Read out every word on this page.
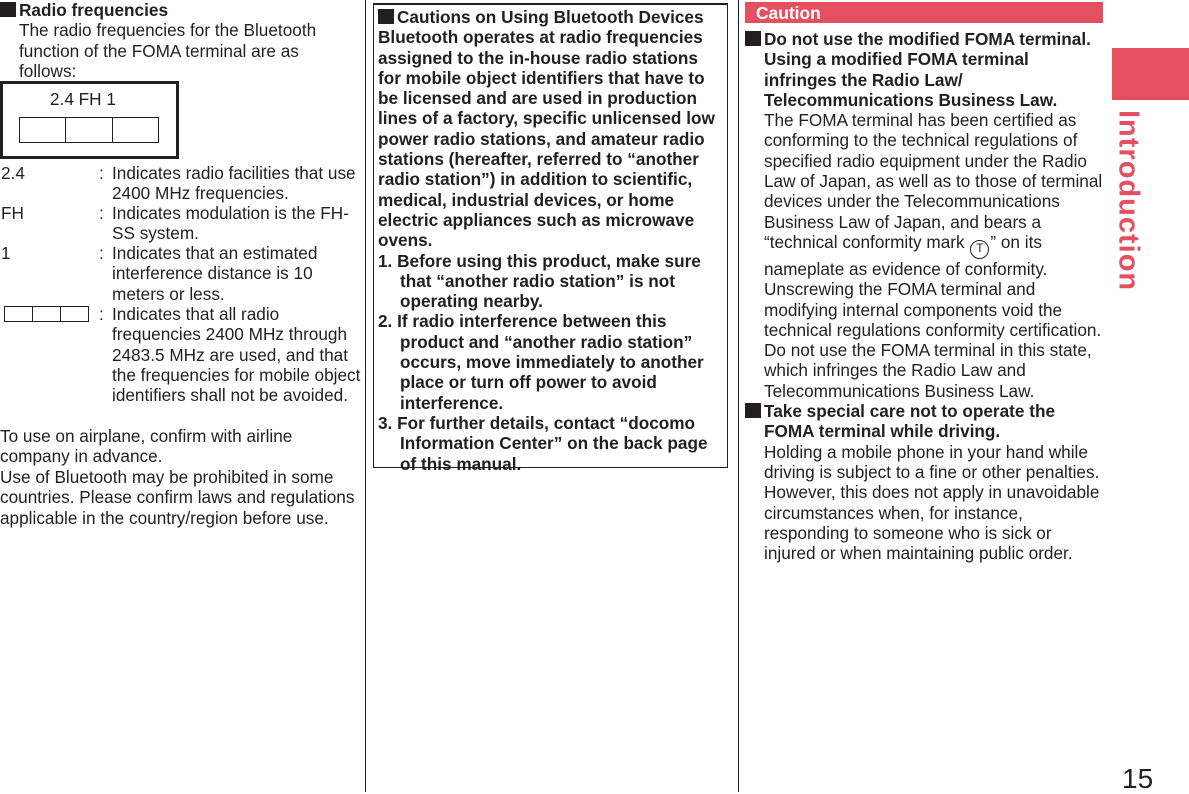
Radio frequencies
The radio frequencies for the Bluetooth function of the FOMA terminal are as follows:
2.4 FH 1
2.4	: Indicates radio facilities that use 2400 MHz frequencies.
FH	: Indicates modulation is the FH-SS system.
1	: Indicates that an estimated interference distance is 10 meters or less.
: Indicates that all radio frequencies 2400 MHz through 2483.5 MHz are used, and that the frequencies for mobile object identifiers shall not be avoided.
To use on airplane, confirm with airline company in advance.
Use of Bluetooth may be prohibited in some countries. Please confirm laws and regulations applicable in the country/region before use.
Cautions on Using Bluetooth Devices
Bluetooth operates at radio frequencies assigned to the in-house radio stations for mobile object identifiers that have to be licensed and are used in production lines of a factory, specific unlicensed low power radio stations, and amateur radio stations (hereafter, referred to “another radio station”) in addition to scientific, medical, industrial devices, or home electric appliances such as microwave ovens.
1. Before using this product, make sure that “another radio station” is not operating nearby.
2. If radio interference between this product and “another radio station” occurs, move immediately to another place or turn off power to avoid interference.
3. For further details, contact “docomo Information Center” on the back page of this manual.
Caution
Do not use the modified FOMA terminal. Using a modified FOMA terminal infringes the Radio Law/ Telecommunications Business Law.
The FOMA terminal has been certified as conforming to the technical regulations of specified radio equipment under the Radio Law of Japan, as well as to those of terminal devices under the Telecommunications Business Law of Japan, and bears a “technical conformity mark T ” on its nameplate as evidence of conformity. Unscrewing the FOMA terminal and modifying internal components void the technical regulations conformity certification. Do not use the FOMA terminal in this state, which infringes the Radio Law and Telecommunications Business Law.
Take special care not to operate the FOMA terminal while driving.
Holding a mobile phone in your hand while driving is subject to a fine or other penalties.
However, this does not apply in unavoidable circumstances when, for instance, responding to someone who is sick or injured or when maintaining public order.
Introduction
15
